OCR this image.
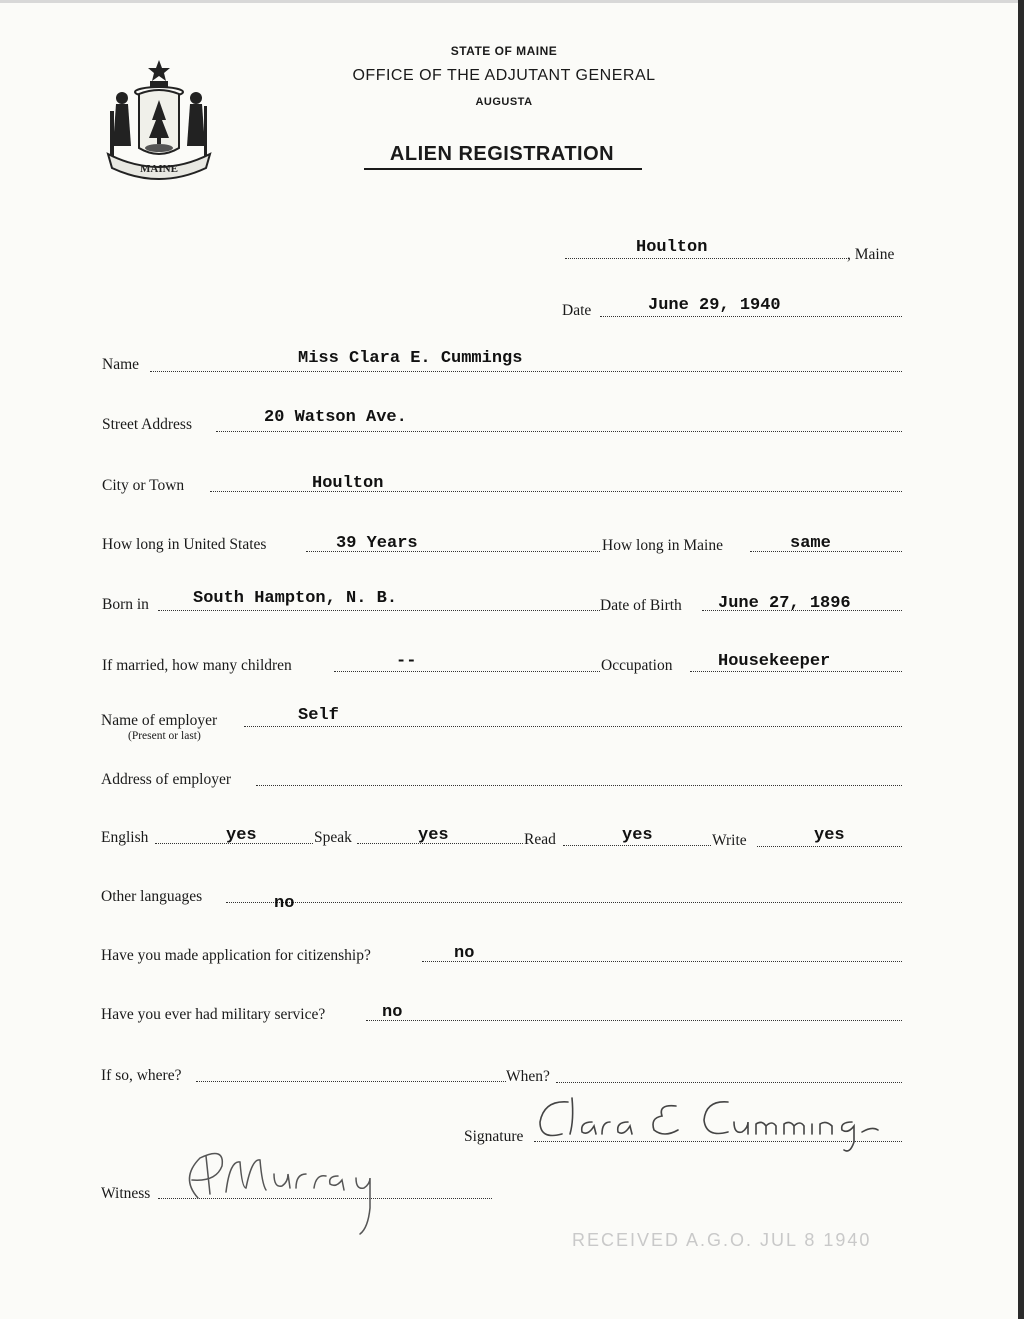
MAINE
STATE OF MAINE
OFFICE OF THE ADJUTANT GENERAL
AUGUSTA
ALIEN REGISTRATION
Houlton	, Maine
Date	June 29, 1940
Name	Miss Clara E. Cummings
Street Address	20 Watson Ave.
City or Town	Houlton
How long in United States	39 Years	How long in Maine	same
Born in	South Hampton, N. B.	Date of Birth June 27, 1896
If married, how many children	--	Occupation	Housekeeper
Name of employer
(Present or last)
Self
Address of employer
English	yes	Speak	yes	Read	yes	Write	yes
Other languages	no
Have you made application for citizenship?	no
Have you ever had military service?	no
If so, where?	When?
Signature
Witness
RECEIVED A.G.O. JUL 8 1940
